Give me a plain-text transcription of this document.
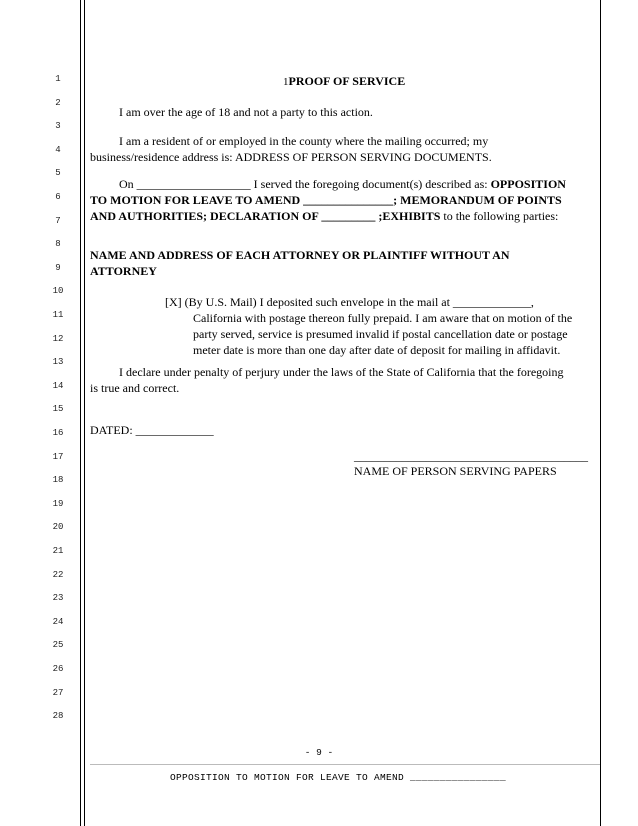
1
2
3
4
5
6
7
8
9
10
11
12
13
14
15
16
17
18
19
20
21
22
23
24
25
26
27
28
1PROOF OF SERVICE
I am over the age of 18 and not a party to this action.
I am a resident of or employed in the county where the mailing occurred; my
business/residence address is: ADDRESS OF PERSON SERVING DOCUMENTS.
On ___________________ I served the foregoing document(s) described as: OPPOSITION
TO MOTION FOR LEAVE TO AMEND _______________; MEMORANDUM OF POINTS
AND AUTHORITIES; DECLARATION OF _________ ;EXHIBITS to the following parties:
NAME AND ADDRESS OF EACH ATTORNEY OR PLAINTIFF WITHOUT AN
ATTORNEY
[X] (By U.S. Mail) I deposited such envelope in the mail at _____________,
California with postage thereon fully prepaid. I am aware that on motion of the
party served, service is presumed invalid if postal cancellation date or postage
meter date is more than one day after date of deposit for mailing in affidavit.
I declare under penalty of perjury under the laws of the State of California that the foregoing
is true and correct.
DATED: _____________
_______________________________________
NAME OF PERSON SERVING PAPERS
- 9 -
OPPOSITION TO MOTION FOR LEAVE TO AMEND ________________
